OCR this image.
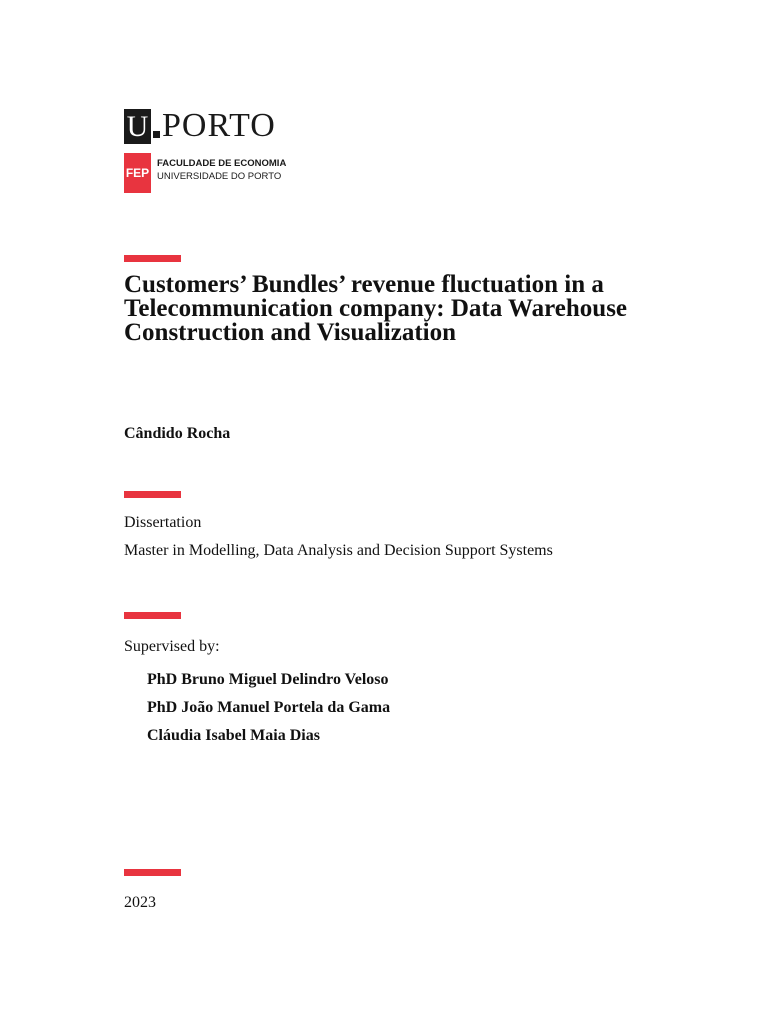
U PORTO
FEP
FACULDADE DE ECONOMIA
UNIVERSIDADE DO PORTO
Customers’ Bundles’ revenue fluctuation in a Telecommunication company: Data Warehouse Construction and Visualization
Cândido Rocha
Dissertation
Master in Modelling, Data Analysis and Decision Support Systems
Supervised by:
PhD Bruno Miguel Delindro Veloso
PhD João Manuel Portela da Gama
Cláudia Isabel Maia Dias
2023
